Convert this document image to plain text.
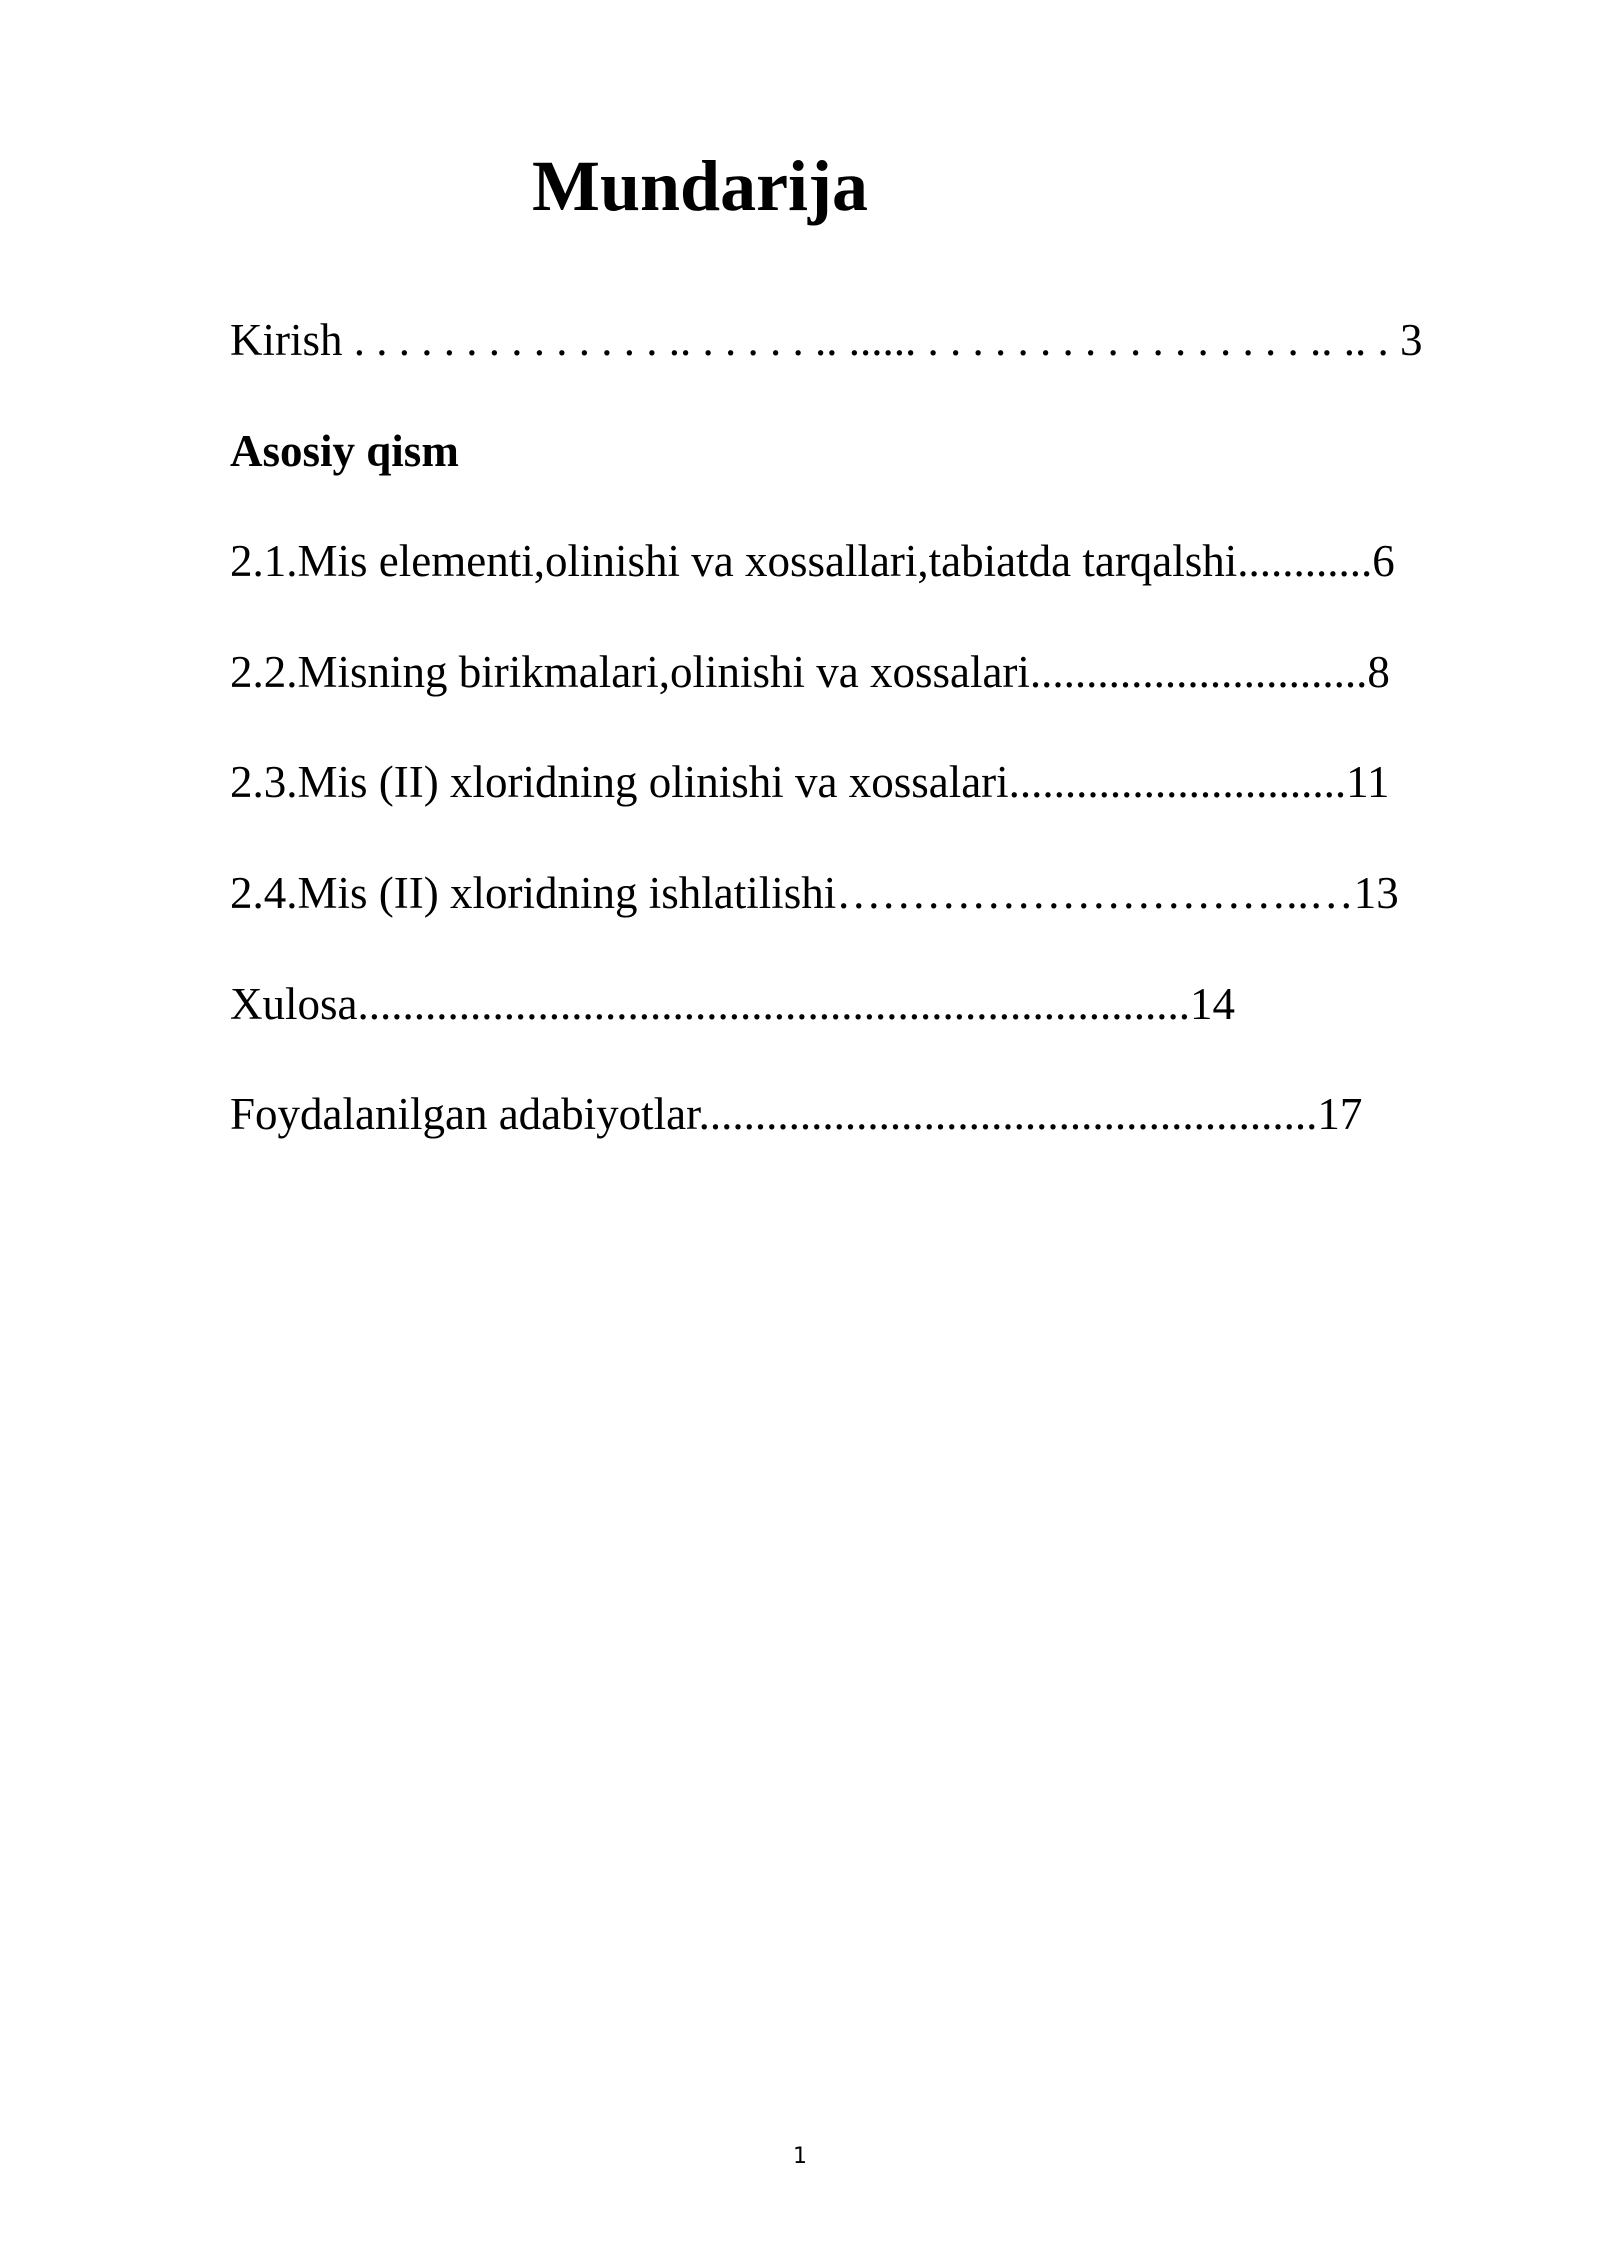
Mundarija

Kirish . . . . . . . . . . . . . . .. . . . . . .. ...... . . . . . . . . . . . . . . . . . .. .. . 3

Asosiy qism

2.1.Mis elementi,olinishi va xossallari,tabiatda tarqalshi............6

2.2.Misning birikmalari,olinishi va xossalari..............................8

2.3.Mis (II) xloridning olinishi va xossalari..............................11

2.4.Mis (II) xloridning ishlatilishi…………………………..…13

Xulosa..........................................................................14

Foydalanilgan adabiyotlar.......................................................17

1
